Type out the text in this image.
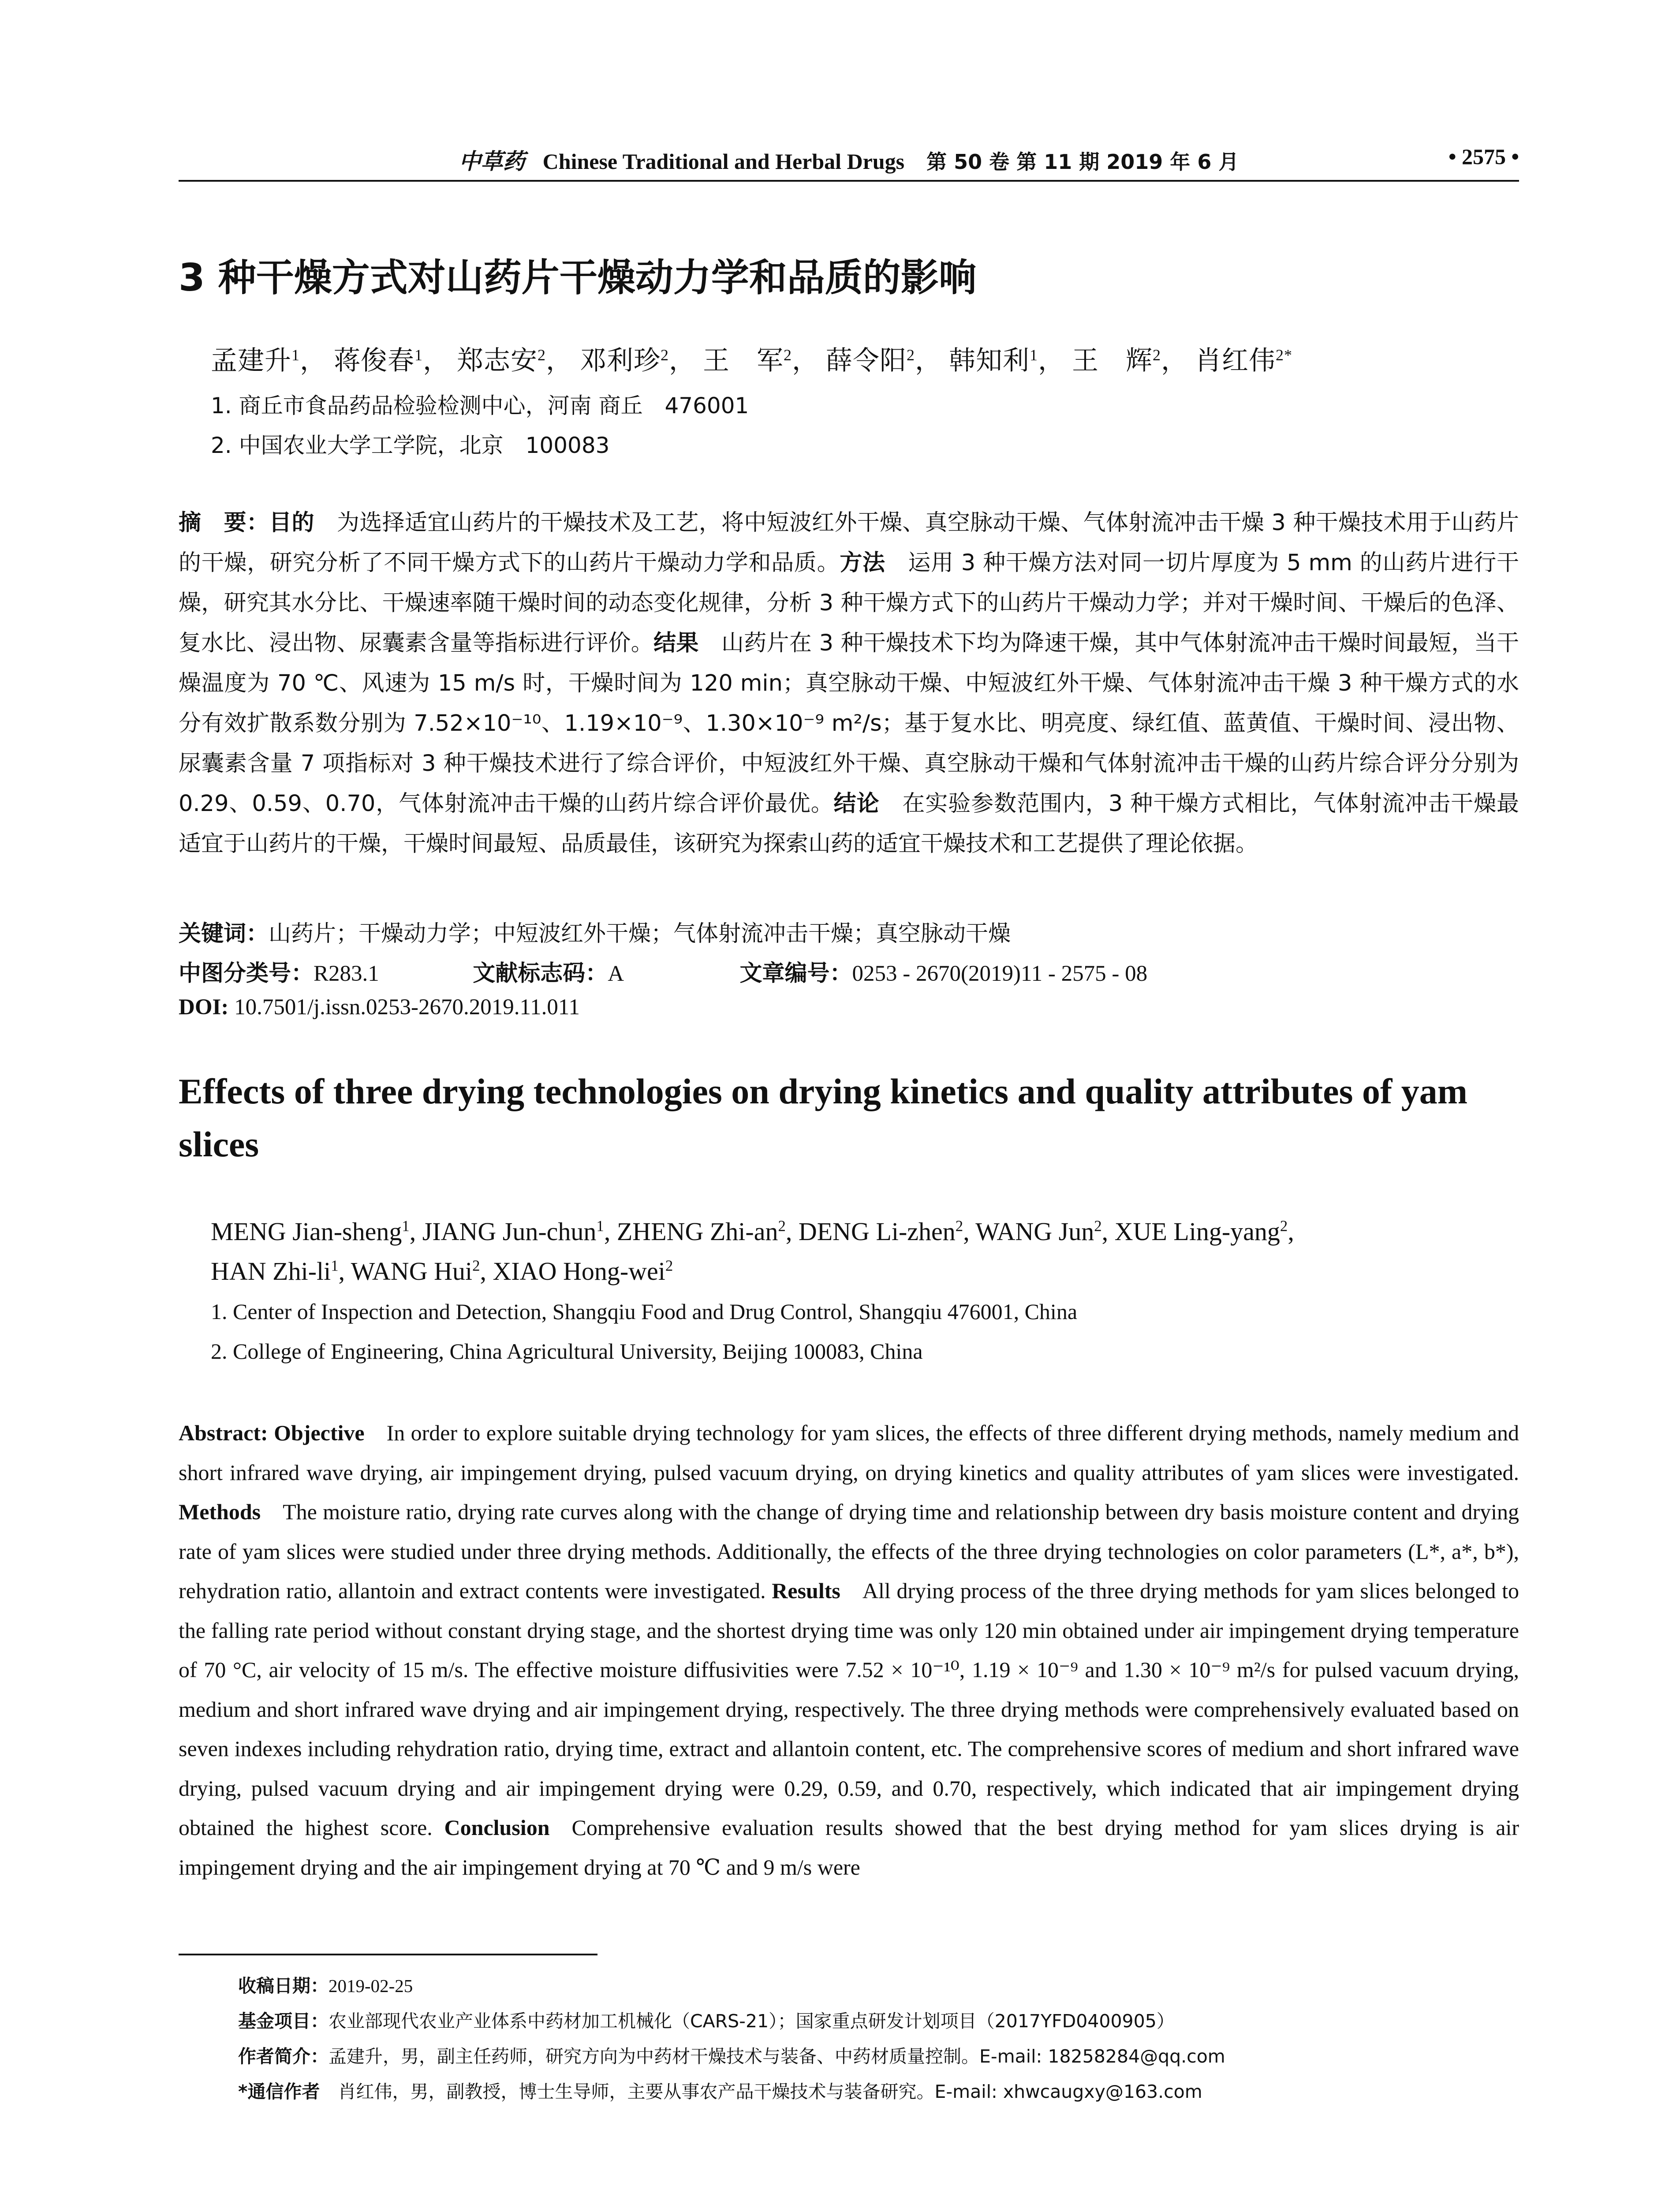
中草药 Chinese Traditional and Herbal Drugs 第 50 卷 第 11 期 2019 年 6 月	• 2575 •
3 种干燥方式对山药片干燥动力学和品质的影响
孟建升$^1$， 蒋俊春$^1$， 郑志安$^2$， 邓利珍$^2$， 王　军$^2$， 薛令阳$^2$， 韩知利$^1$， 王　辉$^2$， 肖红伟$^{2*}$
1. 商丘市食品药品检验检测中心，河南 商丘　476001
2. 中国农业大学工学院，北京　100083
摘　要：目的  为选择适宜山药片的干燥技术及工艺，将中短波红外干燥、真空脉动干燥、气体射流冲击干燥 3 种干燥技术用于山药片的干燥，研究分析了不同干燥方式下的山药片干燥动力学和品质。方法  运用 3 种干燥方法对同一切片厚度为 5 mm 的山药片进行干燥，研究其水分比、干燥速率随干燥时间的动态变化规律，分析 3 种干燥方式下的山药片干燥动力学；并对干燥时间、干燥后的色泽、复水比、浸出物、尿囊素含量等指标进行评价。结果  山药片在 3 种干燥技术下均为降速干燥，其中气体射流冲击干燥时间最短，当干燥温度为 70 ℃、风速为 15 m/s 时，干燥时间为 120 min；真空脉动干燥、中短波红外干燥、气体射流冲击干燥 3 种干燥方式的水分有效扩散系数分别为 7.52×10⁻¹⁰、1.19×10⁻⁹、1.30×10⁻⁹ m²/s；基于复水比、明亮度、绿红值、蓝黄值、干燥时间、浸出物、尿囊素含量 7 项指标对 3 种干燥技术进行了综合评价，中短波红外干燥、真空脉动干燥和气体射流冲击干燥的山药片综合评分分别为 0.29、0.59、0.70，气体射流冲击干燥的山药片综合评价最优。结论  在实验参数范围内，3 种干燥方式相比，气体射流冲击干燥最适宜于山药片的干燥，干燥时间最短、品质最佳，该研究为探索山药的适宜干燥技术和工艺提供了理论依据。
关键词：山药片；干燥动力学；中短波红外干燥；气体射流冲击干燥；真空脉动干燥
中图分类号：R283.1	文献标志码：A	文章编号：0253 - 2670(2019)11 - 2575 - 08
DOI: 10.7501/j.issn.0253-2670.2019.11.011
Effects of three drying technologies on drying kinetics and quality attributes of yam slices
MENG Jian-sheng$^1$, JIANG Jun-chun$^1$, ZHENG Zhi-$an^2$, DENG Li-zhen$^2$, WANG Jun$^2$, XUE Ling-yang$^2$,
HAN Zhi-$li^1$, WANG Hui$^2$, XIAO Hong-wei$^2$
1. Center of Inspection and Detection, Shangqiu Food and Drug Control, Shangqiu 476001, China
2. College of Engineering, China Agricultural University, Beijing 100083, China
Abstract: Objective  In order to explore suitable drying technology for yam slices, the effects of three different drying methods, namely medium and short infrared wave drying, air impingement drying, pulsed vacuum drying, on drying kinetics and quality attributes of yam slices were investigated. Methods  The moisture ratio, drying rate curves along with the change of drying time and relationship between dry basis moisture content and drying rate of yam slices were studied under three drying methods. Additionally, the effects of the three drying technologies on color parameters (L*, a*, b*), rehydration ratio, allantoin and extract contents were investigated. Results  All drying process of the three drying methods for yam slices belonged to the falling rate period without constant drying stage, and the shortest drying time was only 120 min obtained under air impingement drying temperature of 70 °C, air velocity of 15 m/s. The effective moisture diffusivities were 7.52 × 10⁻¹⁰, 1.19 × 10⁻⁹ and 1.30 × 10⁻⁹ m²/s for pulsed vacuum drying, medium and short infrared wave drying and air impingement drying, respectively. The three drying methods were comprehensively evaluated based on seven indexes including rehydration ratio, drying time, extract and allantoin content, etc. The comprehensive scores of medium and short infrared wave drying, pulsed vacuum drying and air impingement drying were 0.29, 0.59, and 0.70, respectively, which indicated that air impingement drying obtained the highest score. Conclusion  Comprehensive evaluation results showed that the best drying method for yam slices drying is air impingement drying and the air impingement drying at 70 ℃ and 9 m/s were
收稿日期：2019-02-25
基金项目：农业部现代农业产业体系中药材加工机械化（CARS-21）；国家重点研发计划项目（2017YFD0400905）
作者简介：孟建升，男，副主任药师，研究方向为中药材干燥技术与装备、中药材质量控制。E-mail: 18258284@qq.com
*通信作者  肖红伟，男，副教授，博士生导师，主要从事农产品干燥技术与装备研究。E-mail: xhwcaugxy@163.com
